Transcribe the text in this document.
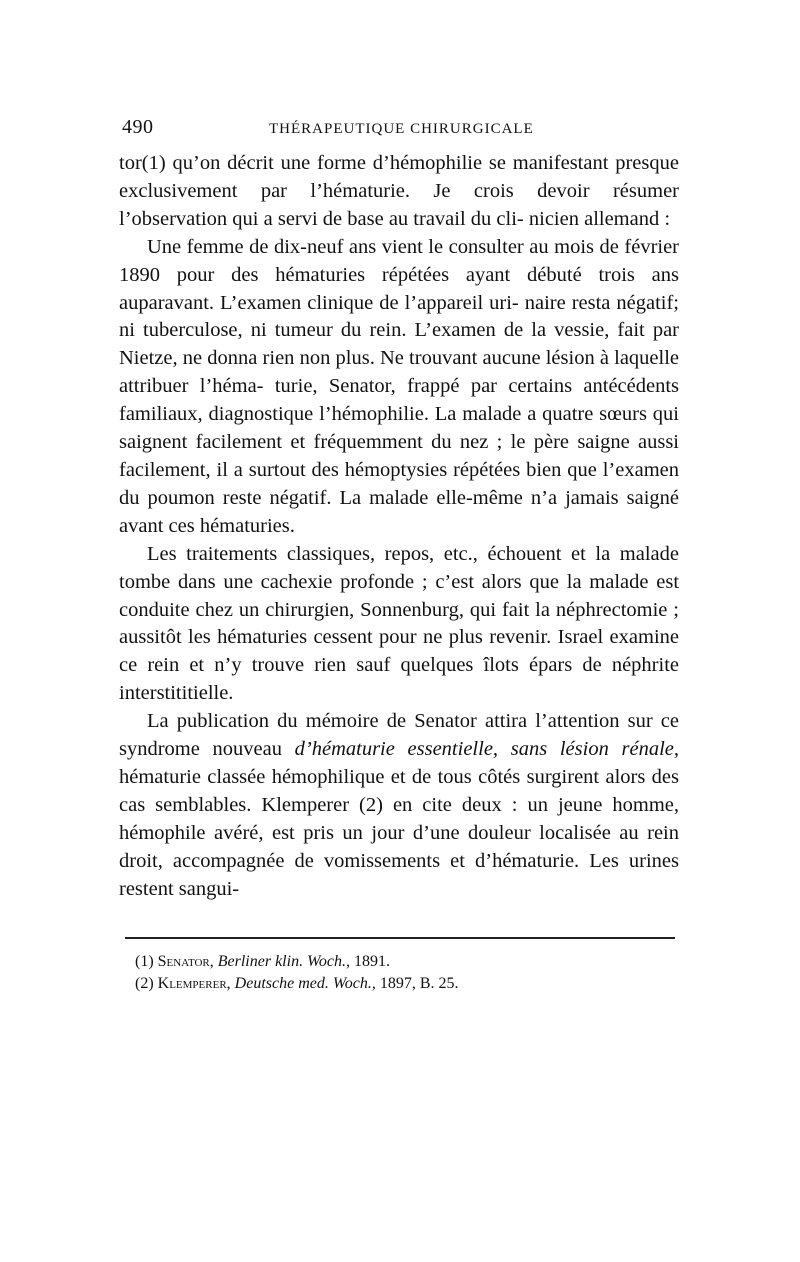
490	THÉRAPEUTIQUE CHIRURGICALE

tor(1) qu’on décrit une forme d’hémophilie se manifestant presque exclusivement par l’hématurie. Je crois devoir résumer l’observation qui a servi de base au travail du cli- nicien allemand :

Une femme de dix-neuf ans vient le consulter au mois de février 1890 pour des hématuries répétées ayant débuté trois ans auparavant. L’examen clinique de l’appareil uri- naire resta négatif; ni tuberculose, ni tumeur du rein. L’examen de la vessie, fait par Nietze, ne donna rien non plus. Ne trouvant aucune lésion à laquelle attribuer l’héma- turie, Senator, frappé par certains antécédents familiaux, diagnostique l’hémophilie. La malade a quatre sœurs qui saignent facilement et fréquemment du nez ; le père saigne aussi facilement, il a surtout des hémoptysies répétées bien que l’examen du poumon reste négatif. La malade elle-même n’a jamais saigné avant ces hématuries.

Les traitements classiques, repos, etc., échouent et la malade tombe dans une cachexie profonde ; c’est alors que la malade est conduite chez un chirurgien, Sonnenburg, qui fait la néphrectomie ; aussitôt les hématuries cessent pour ne plus revenir. Israel examine ce rein et n’y trouve rien sauf quelques îlots épars de néphrite interstititielle.

La publication du mémoire de Senator attira l’attention sur ce syndrome nouveau d’hématurie essentielle, sans lésion rénale, hématurie classée hémophilique et de tous côtés surgirent alors des cas semblables. Klemperer (2) en cite deux : un jeune homme, hémophile avéré, est pris un jour d’une douleur localisée au rein droit, accompagnée de vomissements et d’hématurie. Les urines restent sangui-

(1) Senator, Berliner klin. Woch., 1891.
(2) Klemperer, Deutsche med. Woch., 1897, B. 25.
